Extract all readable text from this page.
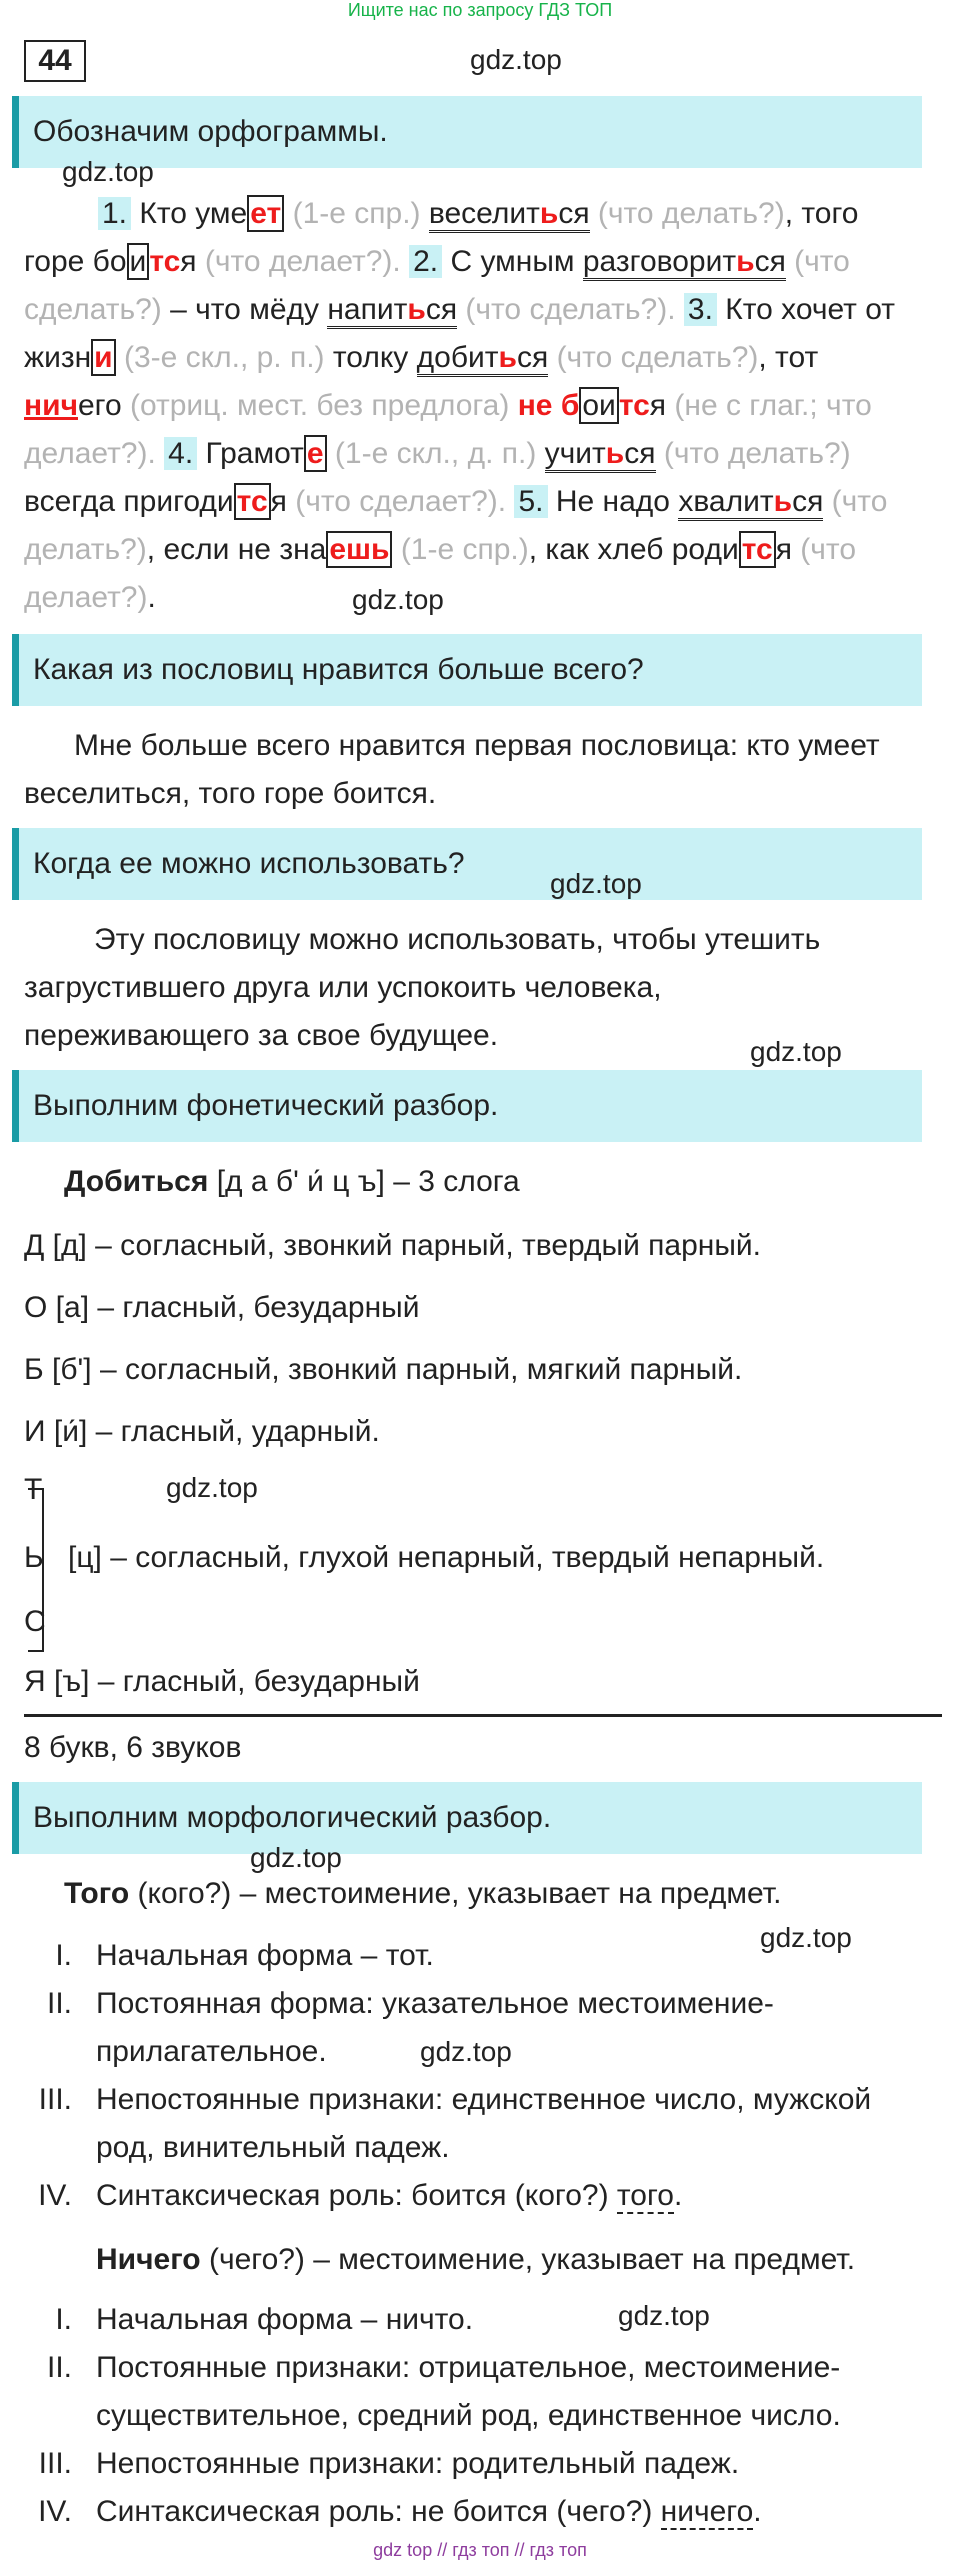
Ищите нас по запросу ГДЗ ТОП
44	gdz.top
Обозначим орфограммы.
gdz.top
1. Кто уме ет (1-е спр.) веселиться (что делать?), того
горе бо и тся (что делает?). 2. С умным разговориться (что
сделать?) – что мёду напиться (что сделать?). 3. Кто хочет от
жизн и (3-е скл., р. п.) толку добиться (что сделать?), тот
ничего (отриц. мест. без предлога) не б ои тся (не с глаг.; что
делает?). 4. Грамот е (1-е скл., д. п.) учиться (что делать?)
всегда пригоди тс я (что сделает?). 5. Не надо хвалиться (что
делать?), если не зна ешь (1-е спр.), как хлеб роди тс я (что
делает?).	gdz.top
Какая из пословиц нравится больше всего?
Мне больше всего нравится первая пословица: кто умеет
веселиться, того горе боится.
Когда ее можно использовать?
gdz.top
Эту пословицу можно использовать, чтобы утешить
загрустившего друга или успокоить человека,
переживающего за свое будущее.	gdz.top
Выполним фонетический разбор.
Добиться [д а б' и́ ц ъ] – 3 слога
Д [д] – согласный, звонкий парный, твердый парный.
О [а] – гласный, безударный
Б [б'] – согласный, звонкий парный, мягкий парный.
И [и́] – гласный, ударный.
Т	gdz.top
Ь [ц] – согласный, глухой непарный, твердый непарный.
С
Я [ъ] – гласный, безударный
8 букв, 6 звуков
Выполним морфологический разбор.
gdz.top
Того (кого?) – местоимение, указывает на предмет.
gdz.top
I. Начальная форма – тот.
II. Постоянная форма: указательное местоимение-
прилагательное.	gdz.top
III. Непостоянные признаки: единственное число, мужской
род, винительный падеж.
IV. Синтаксическая роль: боится (кого?) того.
Ничего (чего?) – местоимение, указывает на предмет.
I. Начальная форма – ничто.	gdz.top
II. Постоянные признаки: отрицательное, местоимение-
существительное, средний род, единственное число.
III. Непостоянные признаки: родительный падеж.
IV. Синтаксическая роль: не боится (чего?) ничего.
gdz top // гдз топ // гдз топ
